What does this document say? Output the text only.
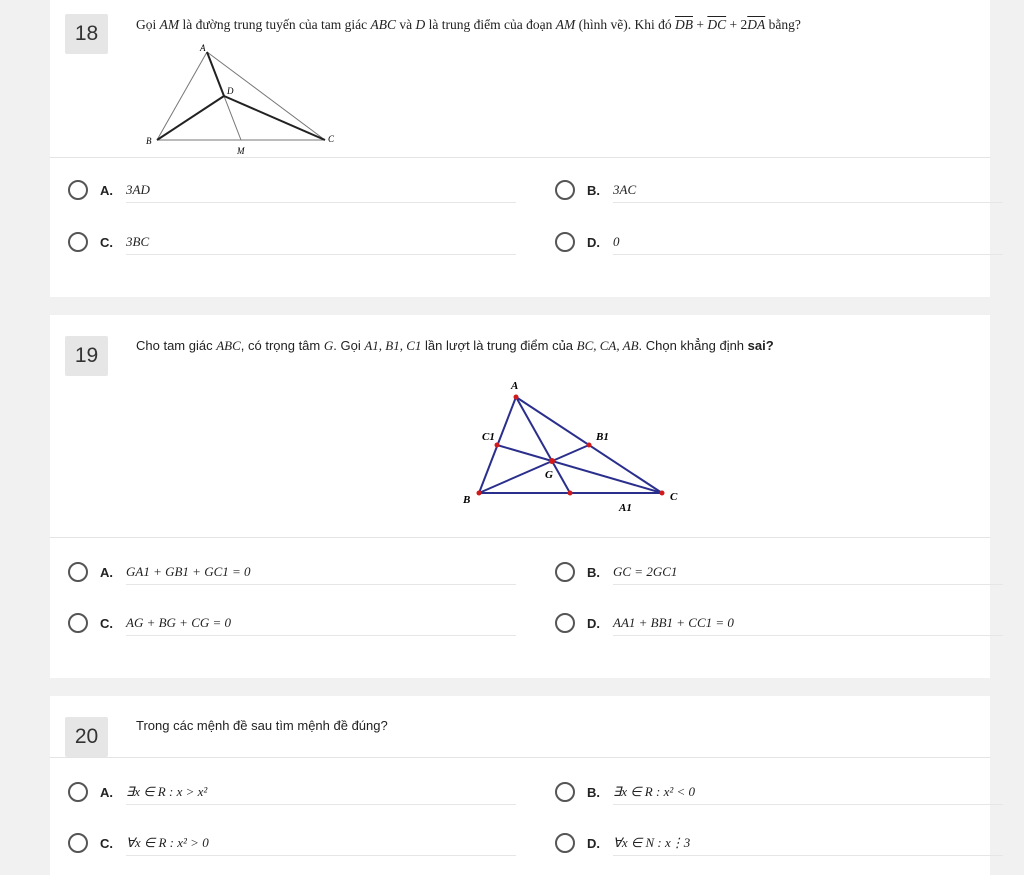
18	Gọi AM là đường trung tuyến của tam giác ABC và D là trung điểm của đoạn AM (hình vẽ). Khi đó $\overline{DB} + \overline{DC} + 2\overline{DA}$ bằng?
A
B	C
D
M
A.	3AD	B.	3AC
C.	3BC	D.	0
19	Cho tam giác ABC, có trọng tâm G. Gọi A1, B1, C1 lần lượt là trung điểm của BC, CA, AB. Chọn khẳng định sai?
A
B	C
G
A1
B1
C1
A.	GA1 + GB1 + GC1 = 0	B.	GC = 2GC1
C.	AG + BG + CG = 0	D.	AA1 + BB1 + CC1 = 0
20	Trong các mệnh đề sau tìm mệnh đề đúng?
A.	∃x ∈ R : x > x²	B.	∃x ∈ R : x² < 0
C.	∀x ∈ R : x² > 0	D.	∀x ∈ N : x⋮3
